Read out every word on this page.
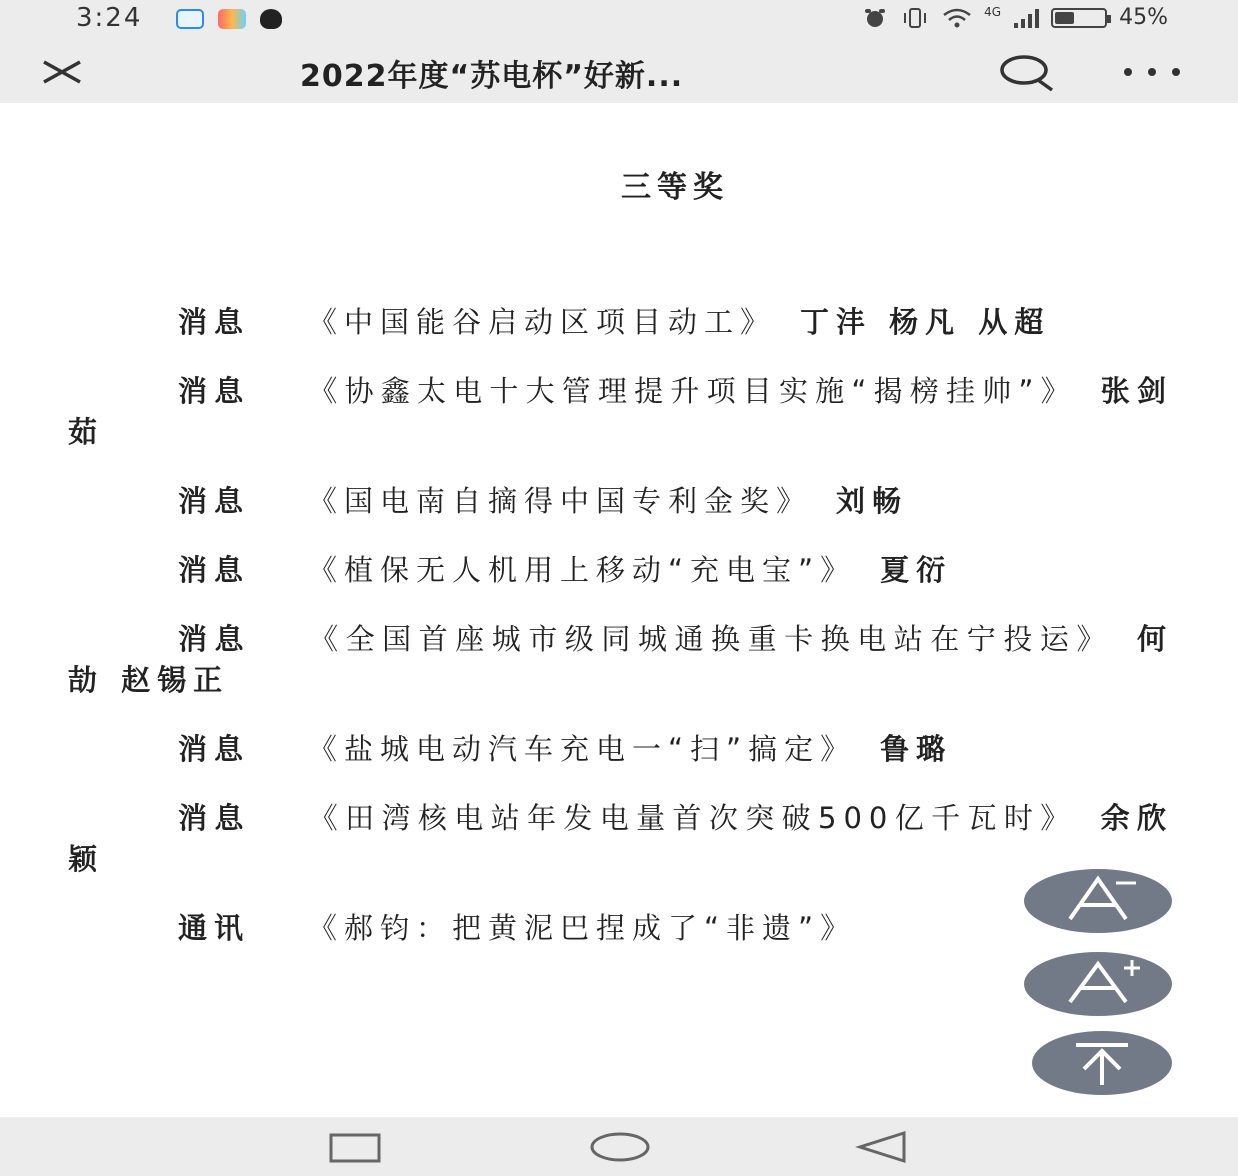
3:24	4G	45%
2022年度“苏电杯”好新...
三等奖
消息 《中国能谷启动区项目动工》 丁沣 杨凡 从超
消息 《协鑫太电十大管理提升项目实施“揭榜挂帅”》 张剑茹
消息 《国电南自摘得中国专利金奖》 刘畅
消息 《植保无人机用上移动“充电宝”》 夏衍
消息 《全国首座城市级同城通换重卡换电站在宁投运》 何劼 赵锡正
消息 《盐城电动汽车充电一“扫”搞定》 鲁璐
消息 《田湾核电站年发电量首次突破500亿千瓦时》 余欣颖
通讯 《郝钧：把黄泥巴捏成了“非遗”》
